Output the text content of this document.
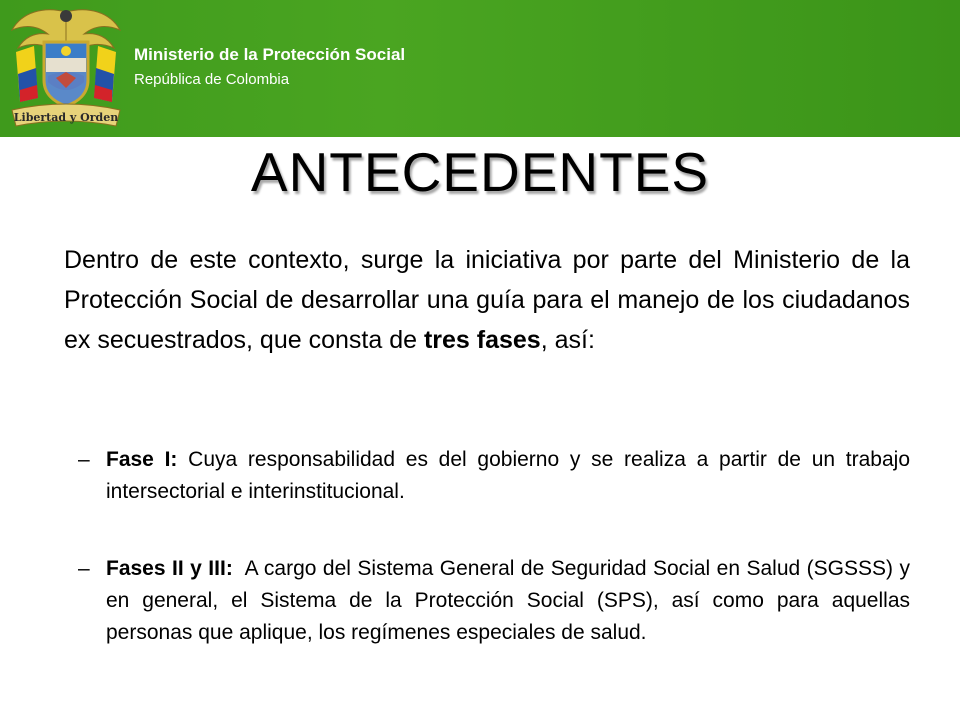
Libertad y Orden
Ministerio de la Protección Social
República de Colombia
ANTECEDENTES
Dentro de este contexto, surge la iniciativa por parte del Ministerio de la Protección Social de desarrollar una guía para el manejo de los ciudadanos ex secuestrados, que consta de tres fases, así:
– Fase I: Cuya responsabilidad es del gobierno y se realiza a partir de un trabajo intersectorial e interinstitucional.
– Fases II y III:  A cargo del Sistema General de Seguridad Social en Salud (SGSSS) y en general, el Sistema de la Protección Social (SPS), así como para aquellas personas que aplique, los regímenes especiales de salud.
